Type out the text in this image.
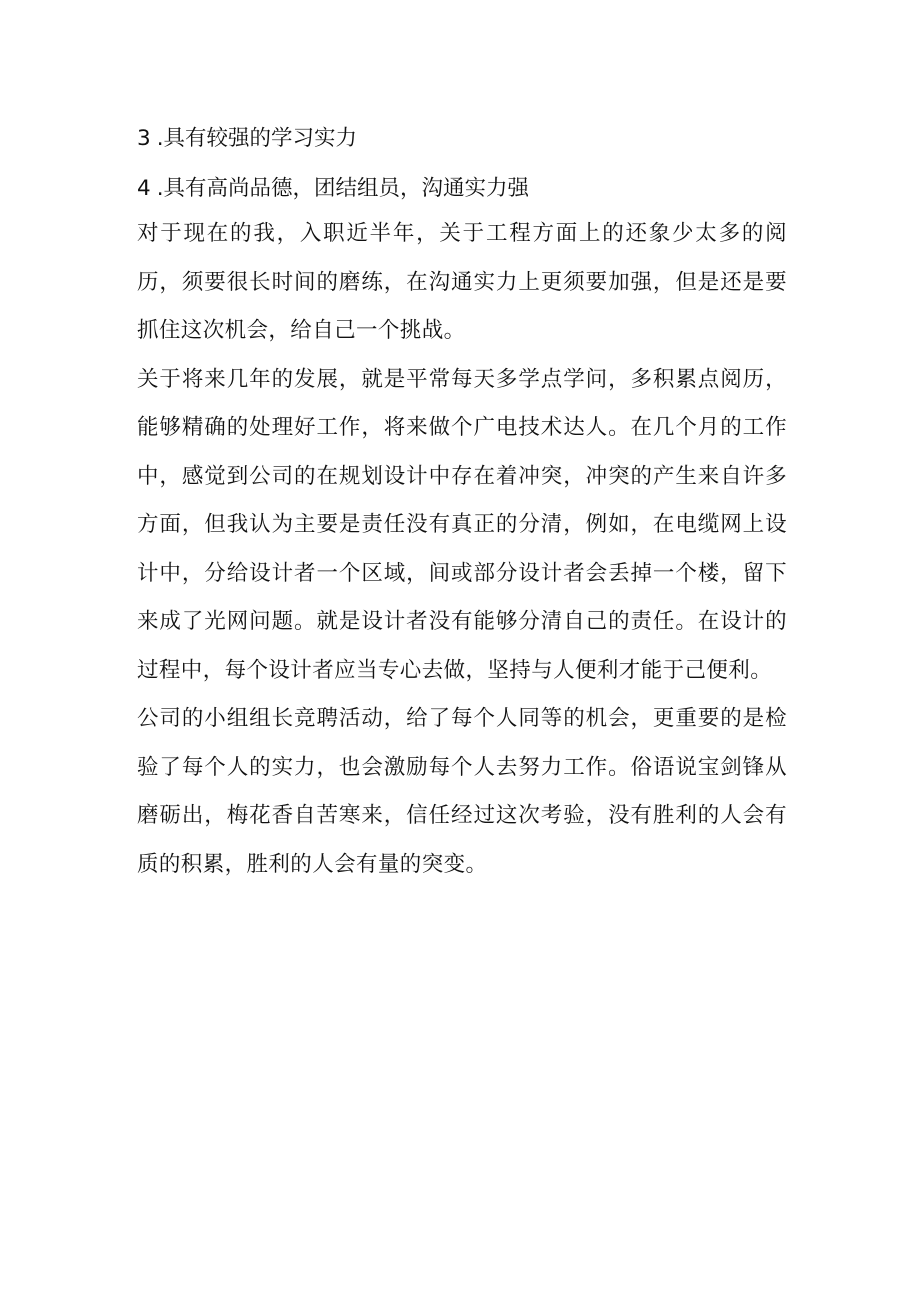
3 .具有较强的学习实力

4 .具有高尚品德，团结组员，沟通实力强

对于现在的我，入职近半年，关于工程方面上的还象少太多的阅历，须要很长时间的磨练，在沟通实力上更须要加强，但是还是要抓住这次机会，给自己一个挑战。

关于将来几年的发展，就是平常每天多学点学问，多积累点阅历，能够精确的处理好工作，将来做个广电技术达人。在几个月的工作中，感觉到公司的在规划设计中存在着冲突，冲突的产生来自许多方面，但我认为主要是责任没有真正的分清，例如，在电缆网上设计中，分给设计者一个区域，间或部分设计者会丢掉一个楼，留下来成了光网问题。就是设计者没有能够分清自己的责任。在设计的过程中，每个设计者应当专心去做，坚持与人便利才能于己便利。

公司的小组组长竞聘活动，给了每个人同等的机会，更重要的是检验了每个人的实力，也会激励每个人去努力工作。俗语说宝剑锋从磨砺出，梅花香自苦寒来，信任经过这次考验，没有胜利的人会有质的积累，胜利的人会有量的突变。
